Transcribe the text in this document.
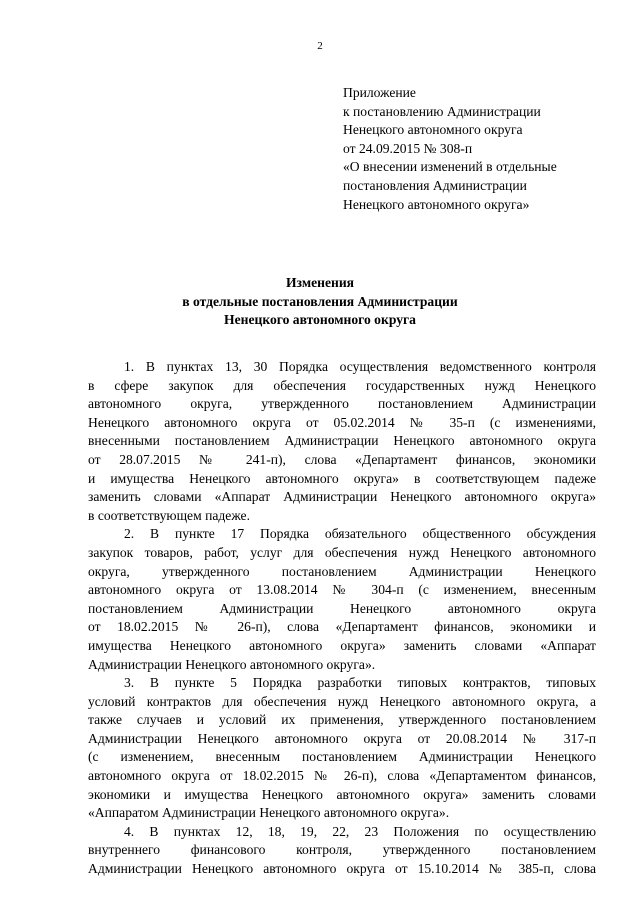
2
Приложение
к постановлению Администрации
Ненецкого автономного округа
от 24.09.2015 № 308-п
«О внесении изменений в отдельные
постановления Администрации
Ненецкого автономного округа»
Изменения
в отдельные постановления Администрации
Ненецкого автономного округа
1. В пунктах 13, 30 Порядка осуществления ведомственного контроля
в сфере закупок для обеспечения государственных нужд Ненецкого
автономного округа, утвержденного постановлением Администрации
Ненецкого автономного округа от 05.02.2014 № 35-п (с изменениями,
внесенными постановлением Администрации Ненецкого автономного округа
от 28.07.2015 № 241-п), слова «Департамент финансов, экономики
и имущества Ненецкого автономного округа» в соответствующем падеже
заменить словами «Аппарат Администрации Ненецкого автономного округа»
в соответствующем падеже.
2. В пункте 17 Порядка обязательного общественного обсуждения
закупок товаров, работ, услуг для обеспечения нужд Ненецкого автономного
округа, утвержденного постановлением Администрации Ненецкого
автономного округа от 13.08.2014 № 304-п (с изменением, внесенным
постановлением Администрации Ненецкого автономного округа
от 18.02.2015 № 26-п), слова «Департамент финансов, экономики и
имущества Ненецкого автономного округа» заменить словами «Аппарат
Администрации Ненецкого автономного округа».
3. В пункте 5 Порядка разработки типовых контрактов, типовых
условий контрактов для обеспечения нужд Ненецкого автономного округа, а
также случаев и условий их применения, утвержденного постановлением
Администрации Ненецкого автономного округа от 20.08.2014 № 317-п
(с изменением, внесенным постановлением Администрации Ненецкого
автономного округа от 18.02.2015 № 26-п), слова «Департаментом финансов,
экономики и имущества Ненецкого автономного округа» заменить словами
«Аппаратом Администрации Ненецкого автономного округа».
4. В пунктах 12, 18, 19, 22, 23 Положения по осуществлению
внутреннего финансового контроля, утвержденного постановлением
Администрации Ненецкого автономного округа от 15.10.2014 № 385-п, слова
